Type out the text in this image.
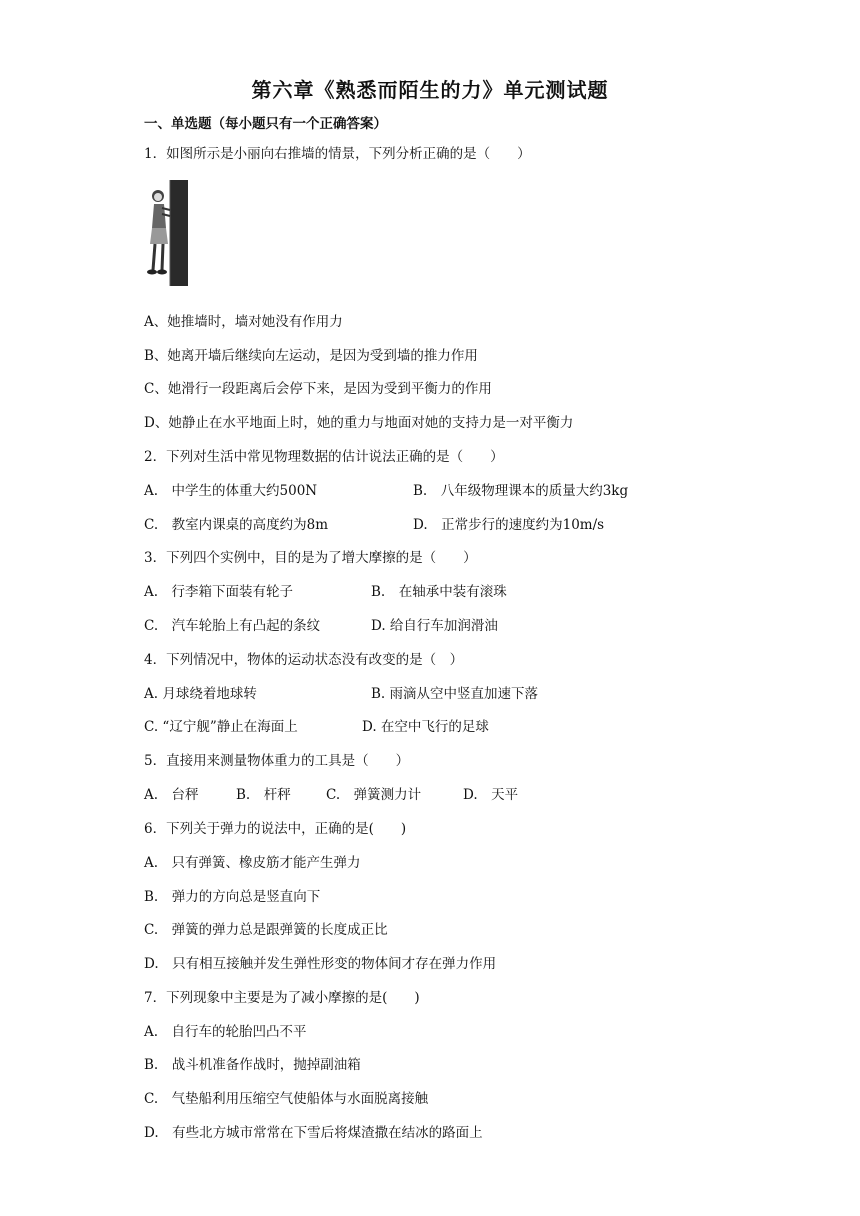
第六章《熟悉而陌生的力》单元测试题
一、单选题（每小题只有一个正确答案）
1．如图所示是小丽向右推墙的情景，下列分析正确的是（　　）
A、她推墙时，墙对她没有作用力
B、她离开墙后继续向左运动，是因为受到墙的推力作用
C、她滑行一段距离后会停下来，是因为受到平衡力的作用
D、她静止在水平地面上时，她的重力与地面对她的支持力是一对平衡力
2．下列对生活中常见物理数据的估计说法正确的是（　　）
A.　中学生的体重大约500N	B.　八年级物理课本的质量大约3kg
C.　教室内课桌的高度约为8m	D.　正常步行的速度约为10m/s
3．下列四个实例中，目的是为了增大摩擦的是（　　）
A.　行李箱下面装有轮子	B.　在轴承中装有滚珠
C.　汽车轮胎上有凸起的条纹	D. 给自行车加润滑油
4．下列情况中，物体的运动状态没有改变的是（　）
A. 月球绕着地球转	B. 雨滴从空中竖直加速下落
C. “辽宁舰”静止在海面上	D. 在空中飞行的足球
5．直接用来测量物体重力的工具是（　　）
A.　台秤	B.　杆秤	C.　弹簧测力计	D.　天平
6．下列关于弹力的说法中，正确的是(　　)
A.　只有弹簧、橡皮筋才能产生弹力
B.　弹力的方向总是竖直向下
C.　弹簧的弹力总是跟弹簧的长度成正比
D.　只有相互接触并发生弹性形变的物体间才存在弹力作用
7．下列现象中主要是为了减小摩擦的是(　　)
A.　自行车的轮胎凹凸不平
B.　战斗机准备作战时，抛掉副油箱
C.　气垫船利用压缩空气使船体与水面脱离接触
D.　有些北方城市常常在下雪后将煤渣撒在结冰的路面上
